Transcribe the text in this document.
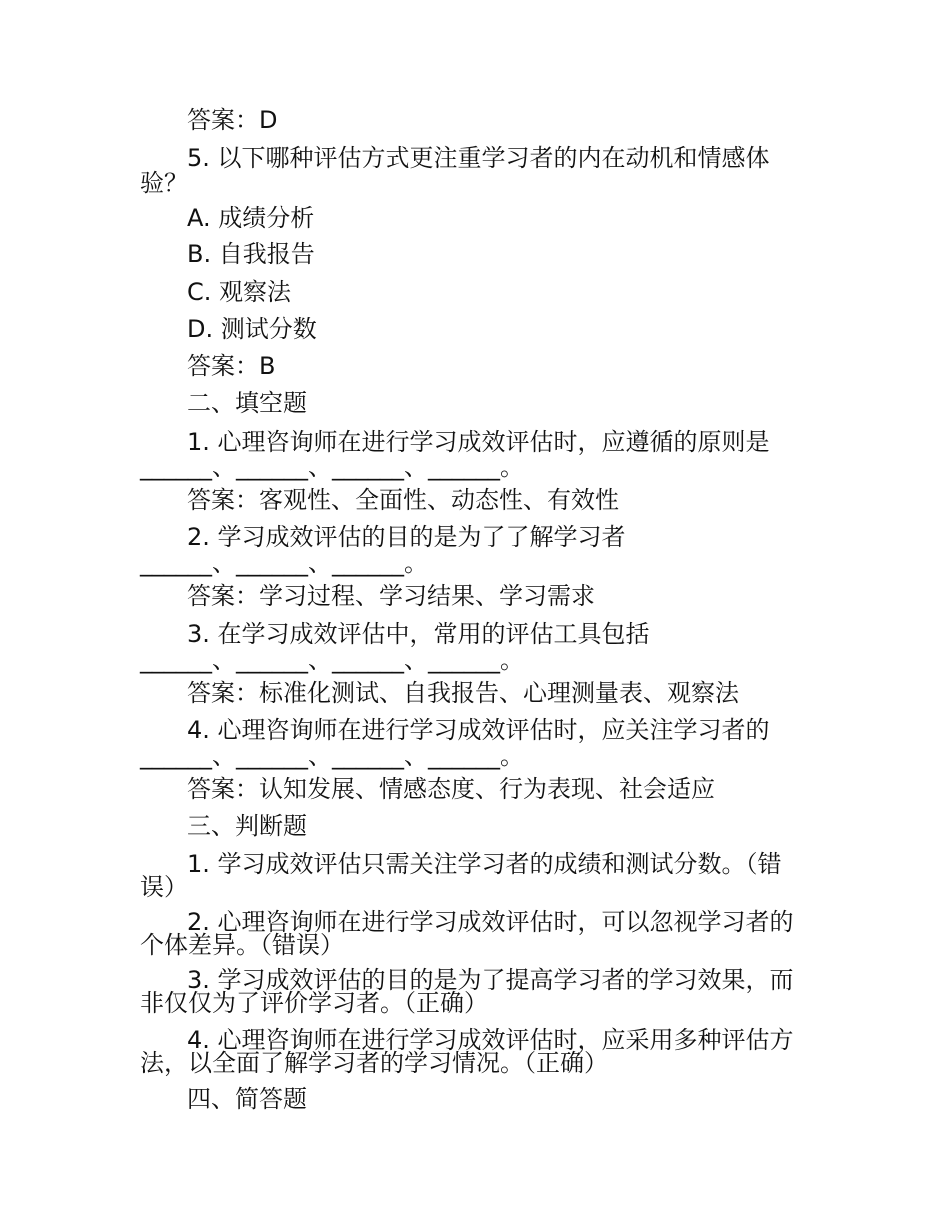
答案：D
5. 以下哪种评估方式更注重学习者的内在动机和情感体
验？
A. 成绩分析
B. 自我报告
C. 观察法
D. 测试分数
答案：B
二、填空题
1. 心理咨询师在进行学习成效评估时，应遵循的原则是
______、______、______、______。
答案：客观性、全面性、动态性、有效性
2. 学习成效评估的目的是为了了解学习者
______、______、______。
答案：学习过程、学习结果、学习需求
3. 在学习成效评估中，常用的评估工具包括
______、______、______、______。
答案：标准化测试、自我报告、心理测量表、观察法
4. 心理咨询师在进行学习成效评估时，应关注学习者的
______、______、______、______。
答案：认知发展、情感态度、行为表现、社会适应
三、判断题
1. 学习成效评估只需关注学习者的成绩和测试分数。（错
误）
2. 心理咨询师在进行学习成效评估时，可以忽视学习者的
个体差异。（错误）
3. 学习成效评估的目的是为了提高学习者的学习效果，而
非仅仅为了评价学习者。（正确）
4. 心理咨询师在进行学习成效评估时，应采用多种评估方
法，以全面了解学习者的学习情况。（正确）
四、简答题
